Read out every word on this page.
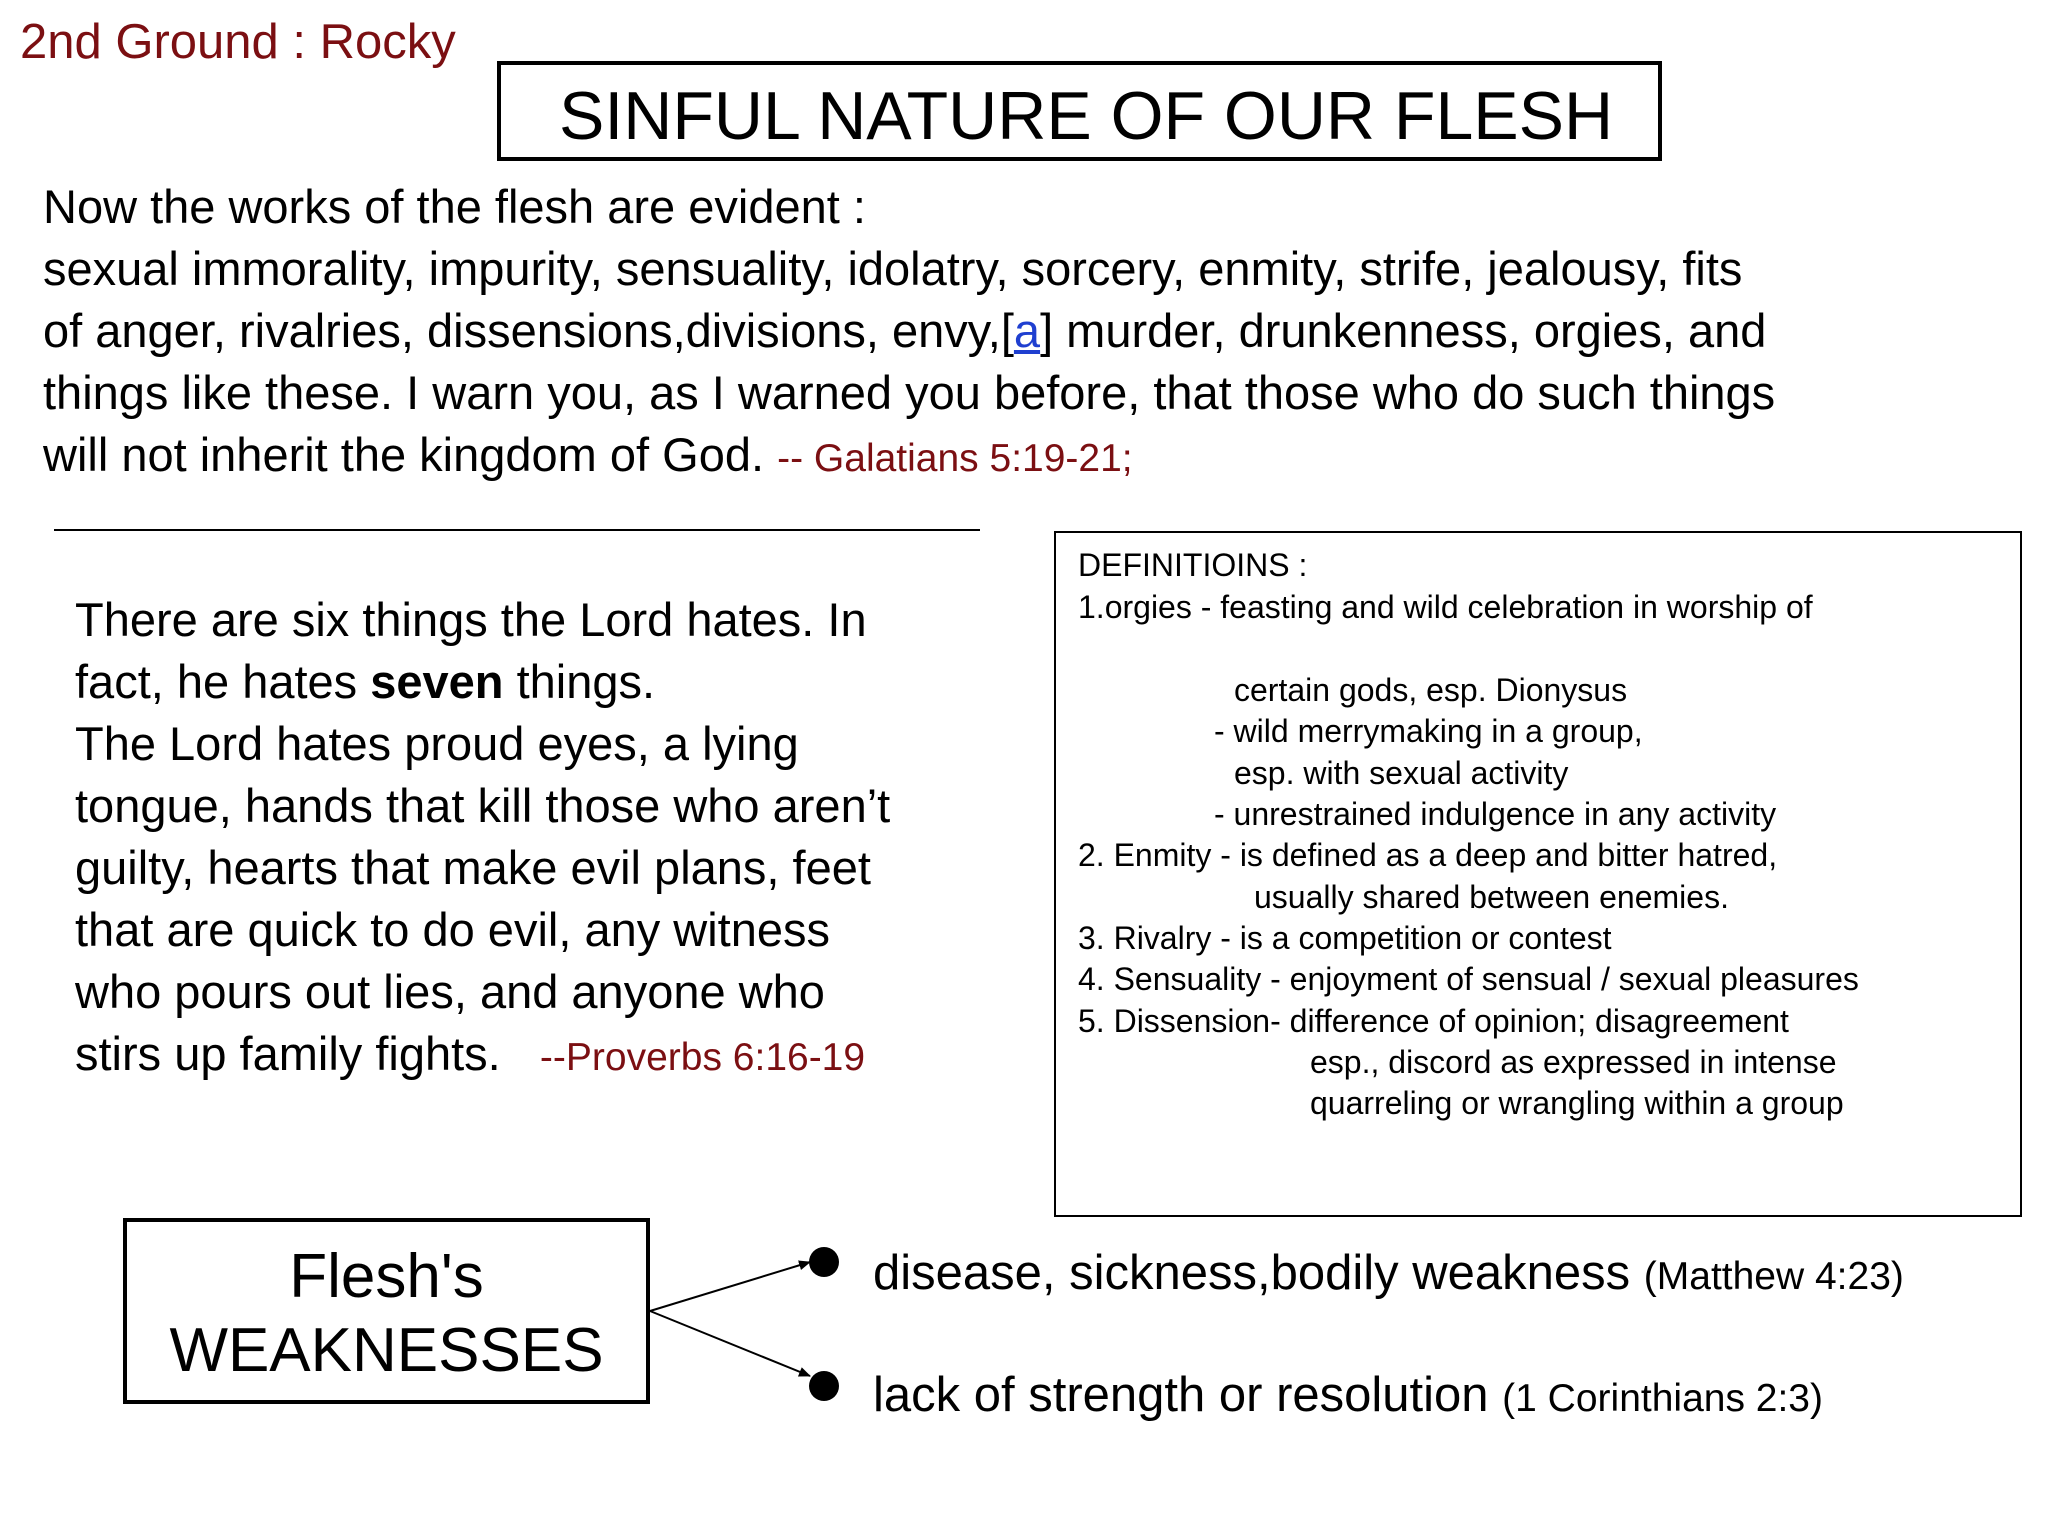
2nd Ground : Rocky
SINFUL NATURE OF OUR FLESH
Now the works of the flesh are evident :
sexual immorality, impurity, sensuality, idolatry, sorcery, enmity, strife, jealousy, fits
of anger, rivalries, dissensions,divisions, envy,[a] murder, drunkenness, orgies, and
things like these. I warn you, as I warned you before, that those who do such things
will not inherit the kingdom of God. -- Galatians 5:19-21;
There are six things the Lord hates. In
fact, he hates seven things.
The Lord hates proud eyes, a lying
tongue, hands that kill those who aren’t
guilty, hearts that make evil plans, feet
that are quick to do evil, any witness
who pours out lies, and anyone who
stirs up family fights. --Proverbs 6:16-19
DEFINITIOINS :
1.orgies - feasting and wild celebration in worship of
certain gods, esp. Dionysus
- wild merrymaking in a group,
esp. with sexual activity
- unrestrained indulgence in any activity
2. Enmity - is defined as a deep and bitter hatred,
usually shared between enemies.
3. Rivalry - is a competition or contest
4. Sensuality - enjoyment of sensual / sexual pleasures
5. Dissension- difference of opinion; disagreement
esp., discord as expressed in intense
quarreling or wrangling within a group
Flesh's
WEAKNESSES
disease, sickness,bodily weakness (Matthew 4:23)
lack of strength or resolution (1 Corinthians 2:3)
